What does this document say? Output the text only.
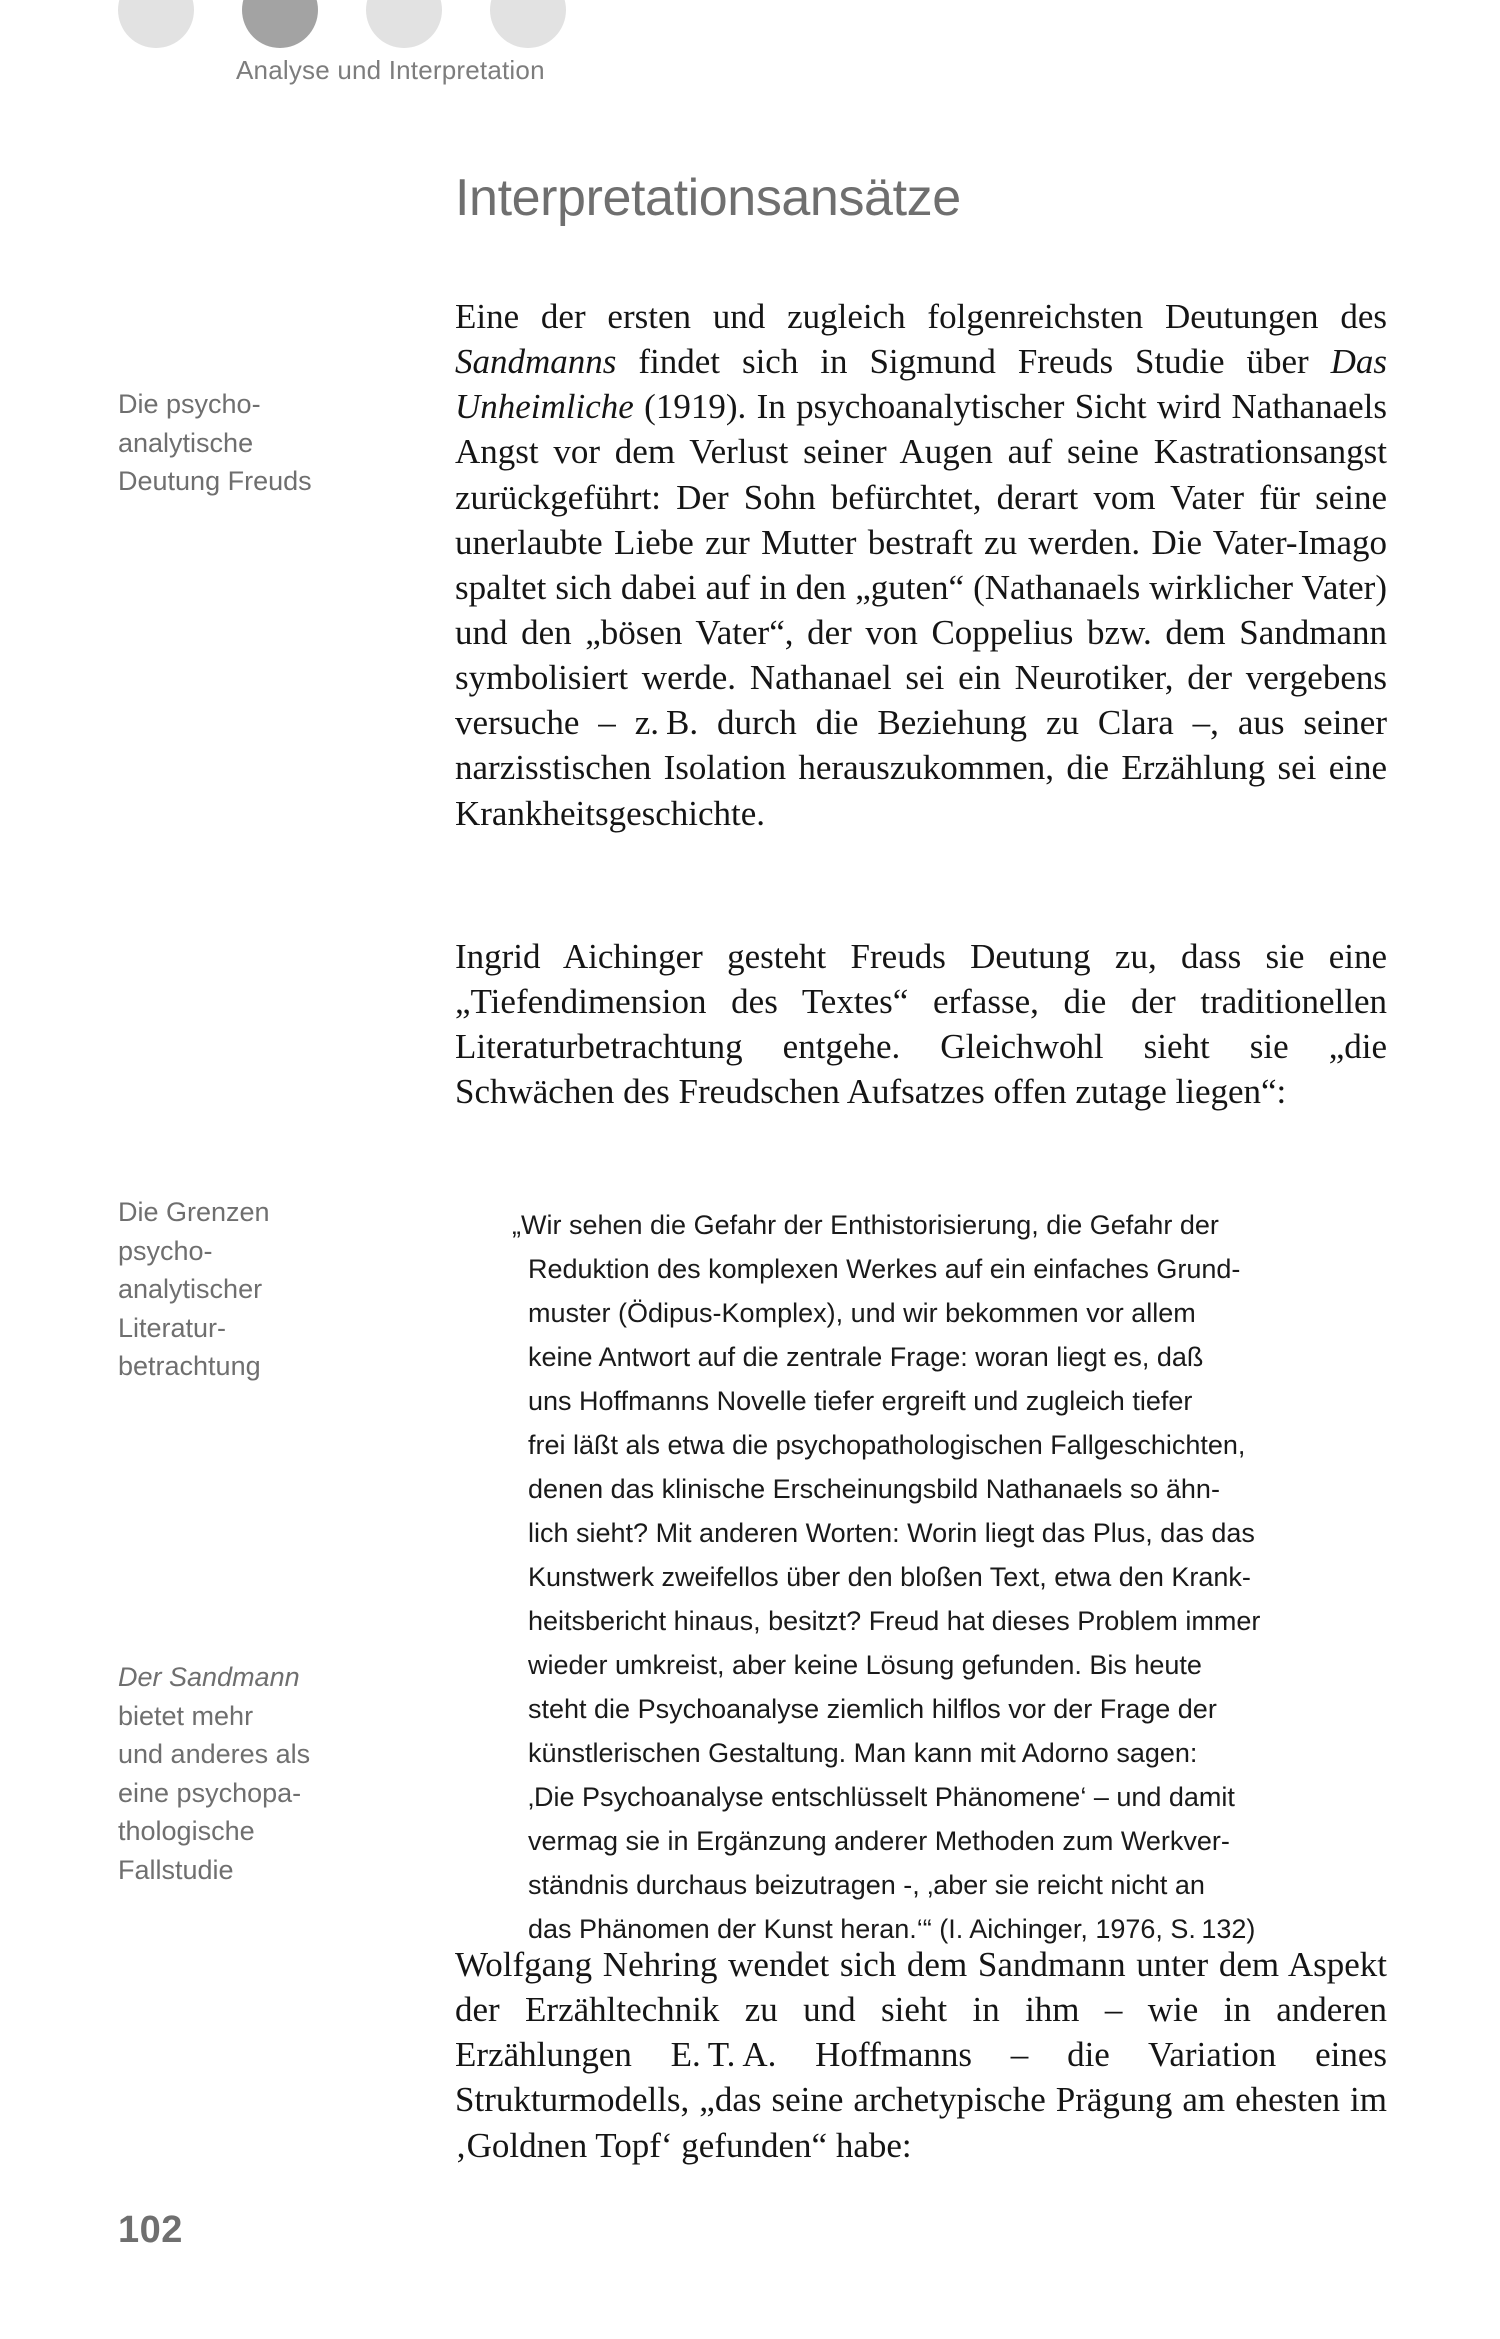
Analyse und Interpretation
Interpretationsansätze
Die psycho-
analytische
Deutung Freuds
Die Grenzen
psycho-
analytischer
Literatur-
betrachtung
Der Sandmann
bietet mehr
und anderes als
eine psychopa-
thologische
Fallstudie

Eine der ersten und zugleich folgenreichsten Deutungen des Sandmanns findet sich in Sigmund Freuds Studie über Das Unheimliche (1919). In psychoanalytischer Sicht wird Nathanaels Angst vor dem Verlust seiner Augen auf seine Kastrationsangst zurückgeführt: Der Sohn befürchtet, derart vom Vater für seine unerlaubte Liebe zur Mutter bestraft zu werden. Die Vater-Imago spaltet sich dabei auf in den „guten“ (Nathanaels wirklicher Vater) und den „bösen Vater“, der von Coppelius bzw. dem Sandmann symbolisiert werde. Nathanael sei ein Neurotiker, der vergebens versuche – z. B. durch die Beziehung zu Clara –, aus seiner narzisstischen Isolation herauszukommen, die Erzählung sei eine Krankheitsgeschichte.

Ingrid Aichinger gesteht Freuds Deutung zu, dass sie eine „Tiefendimension des Textes“ erfasse, die der traditionellen Literaturbetrachtung entgehe. Gleichwohl sieht sie „die Schwächen des Freudschen Aufsatzes offen zutage liegen“:

„Wir sehen die Gefahr der Enthistorisierung, die Gefahr der
Reduktion des komplexen Werkes auf ein einfaches Grund-
muster (Ödipus-Komplex), und wir bekommen vor allem
keine Antwort auf die zentrale Frage: woran liegt es, daß
uns Hoffmanns Novelle tiefer ergreift und zugleich tiefer
frei läßt als etwa die psychopathologischen Fallgeschichten,
denen das klinische Erscheinungsbild Nathanaels so ähn-
lich sieht? Mit anderen Worten: Worin liegt das Plus, das das
Kunstwerk zweifellos über den bloßen Text, etwa den Krank-
heitsbericht hinaus, besitzt? Freud hat dieses Problem immer
wieder umkreist, aber keine Lösung gefunden. Bis heute
steht die Psychoanalyse ziemlich hilflos vor der Frage der
künstlerischen Gestaltung. Man kann mit Adorno sagen:
‚Die Psychoanalyse entschlüsselt Phänomene‘ – und damit
vermag sie in Ergänzung anderer Methoden zum Werkver-
ständnis durchaus beizutragen -, ‚aber sie reicht nicht an
das Phänomen der Kunst heran.‘“ (I. Aichinger, 1976, S. 132)

Wolfgang Nehring wendet sich dem Sandmann unter dem Aspekt der Erzähltechnik zu und sieht in ihm – wie in anderen Erzählungen E. T. A. Hoffmanns – die Variation eines Strukturmodells, „das seine archetypische Prägung am ehesten im ‚Goldnen Topf‘ gefunden“ habe:

102
